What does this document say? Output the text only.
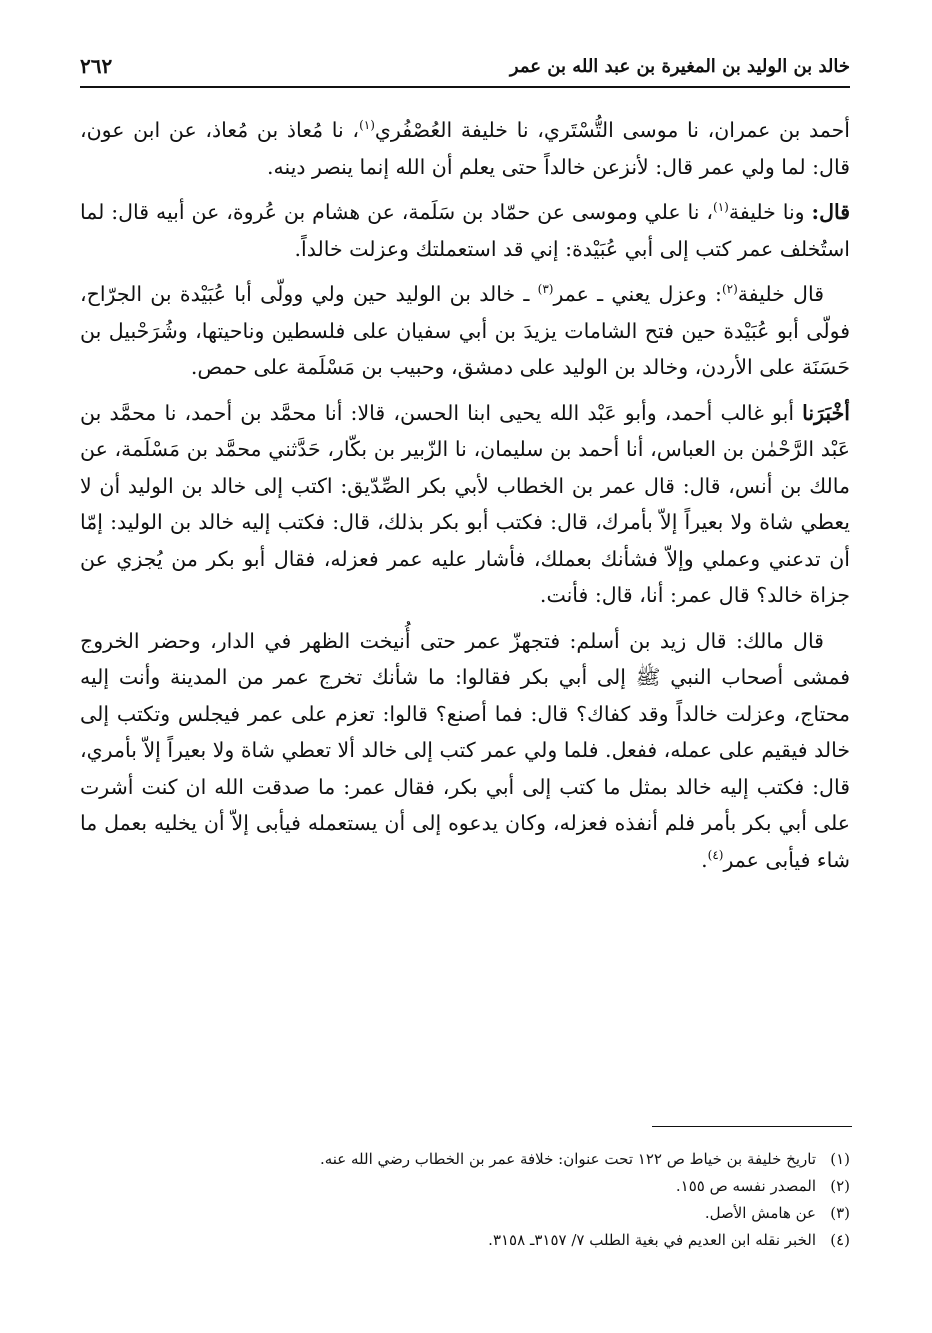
خالد بن الوليد بن المغيرة بن عبد الله بن عمر
٢٦٢

أحمد بن عمران، نا موسى التُّسْتَري، نا خليفة العُصْفُري$^{(١)}$، نا مُعاذ بن مُعاذ، عن ابن عون، قال: لما ولي عمر قال: لأنزعن خالداً حتى يعلم أن الله إنما ينصر دينه.

قال: ونا خليفة$^{(١)}$، نا علي وموسى عن حمّاد بن سَلَمة، عن هشام بن عُروة، عن أبيه قال: لما استُخلف عمر كتب إلى أبي عُبَيْدة: إني قد استعملتك وعزلت خالداً.

قال خليفة$^{(٢)}$: وعزل يعني ـ عمر$^{(٣)}$ ـ خالد بن الوليد حين ولي وولّى أبا عُبَيْدة بن الجرّاح، فولّى أبو عُبَيْدة حين فتح الشامات يزيدَ بن أبي سفيان على فلسطين وناحيتها، وشُرَحْبيل بن حَسَنَة على الأردن، وخالد بن الوليد على دمشق، وحبيب بن مَسْلَمة على حمص.

أخْبَرَنا أبو غالب أحمد، وأبو عَبْد الله يحيى ابنا الحسن، قالا: أنا محمَّد بن أحمد، نا محمَّد بن عَبْد الرَّحْمٰن بن العباس، أنا أحمد بن سليمان، نا الزّبير بن بكّار، حَدَّثني محمَّد بن مَسْلَمة، عن مالك بن أنس، قال: قال عمر بن الخطاب لأبي بكر الصِّدّيق: اكتب إلى خالد بن الوليد أن لا يعطي شاة ولا بعيراً إلاّ بأمرك، قال: فكتب أبو بكر بذلك، قال: فكتب إليه خالد بن الوليد: إمّا أن تدعني وعملي وإلاّ فشأنك بعملك، فأشار عليه عمر فعزله، فقال أبو بكر من يُجزي عن جزاة خالد؟ قال عمر: أنا، قال: فأنت.

قال مالك: قال زيد بن أسلم: فتجهزّ عمر حتى أُنيخت الظهر في الدار، وحضر الخروج فمشى أصحاب النبي ﷺ إلى أبي بكر فقالوا: ما شأنك تخرج عمر من المدينة وأنت إليه محتاج، وعزلت خالداً وقد كفاك؟ قال: فما أصنع؟ قالوا: تعزم على عمر فيجلس وتكتب إلى خالد فيقيم على عمله، ففعل. فلما ولي عمر كتب إلى خالد ألا تعطي شاة ولا بعيراً إلاّ بأمري، قال: فكتب إليه خالد بمثل ما كتب إلى أبي بكر، فقال عمر: ما صدقت الله ان كنت أشرت على أبي بكر بأمر فلم أنفذه فعزله، وكان يدعوه إلى أن يستعمله فيأبى إلاّ أن يخليه بعمل ما شاء فيأبى عمر$^{(٤)}$.

(١)تاريخ خليفة بن خياط ص ١٢٢ تحت عنوان: خلافة عمر بن الخطاب رضي الله عنه.
(٢)المصدر نفسه ص ١٥٥.
(٣)عن هامش الأصل.
(٤)الخبر نقله ابن العديم في بغية الطلب ٧/ ٣١٥٧ـ ٣١٥٨.
